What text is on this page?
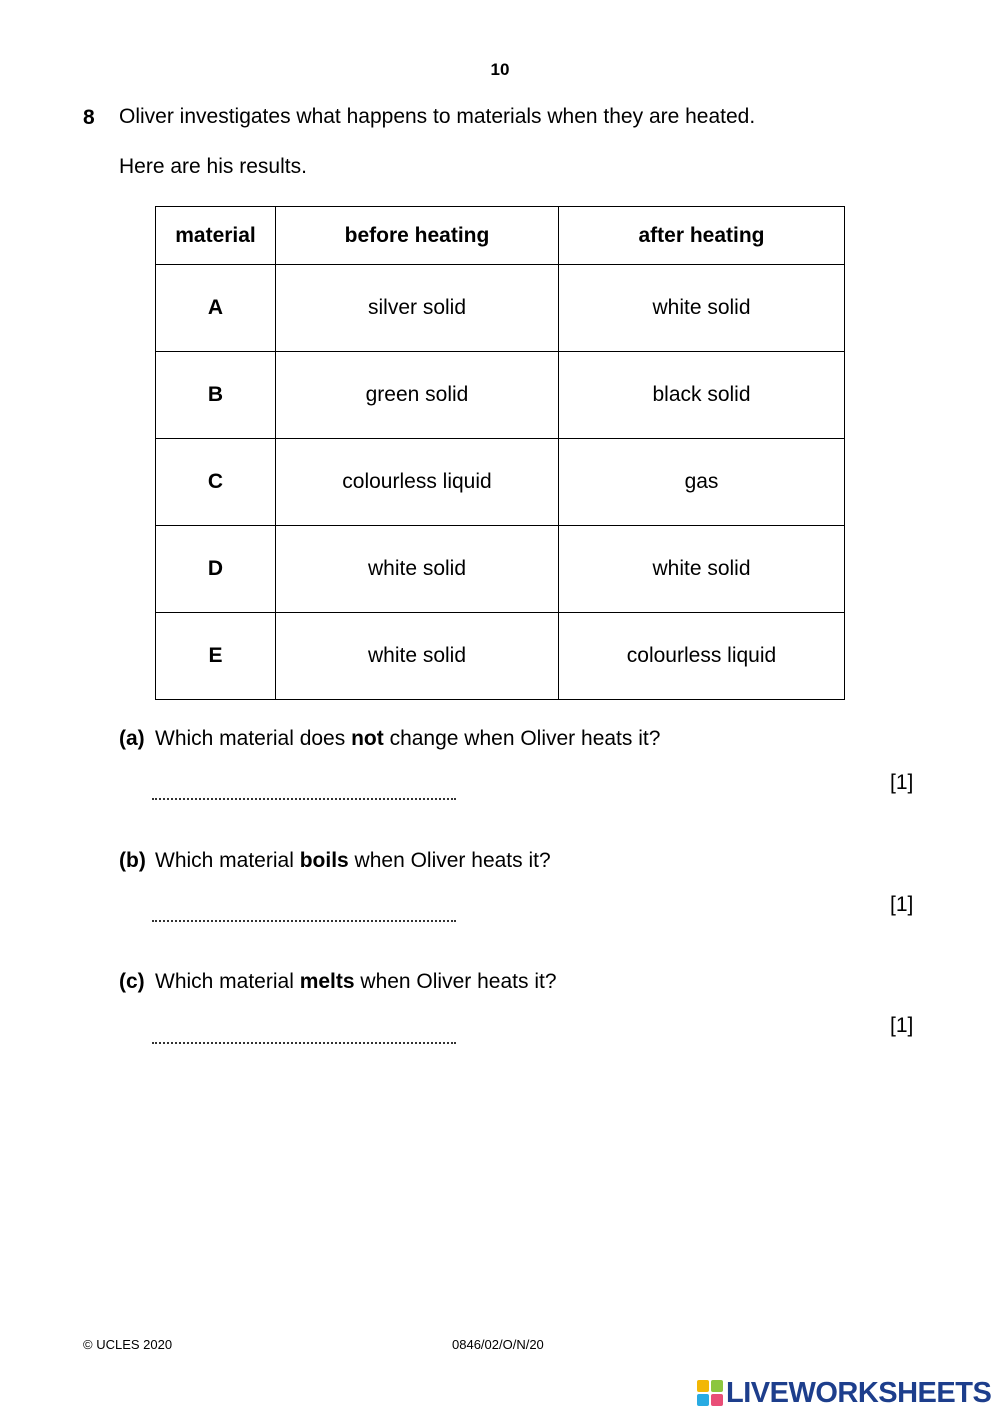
10
8 Oliver investigates what happens to materials when they are heated.
Here are his results.
material	before heating	after heating
A	silver solid	white solid
B	green solid	black solid
C	colourless liquid	gas
D	white solid	white solid
E	white solid	colourless liquid
(a) Which material does not change when Oliver heats it?
[1]
(b) Which material boils when Oliver heats it?
[1]
(c) Which material melts when Oliver heats it?
[1]
© UCLES 2020	0846/02/O/N/20
LIVEWORKSHEETS
